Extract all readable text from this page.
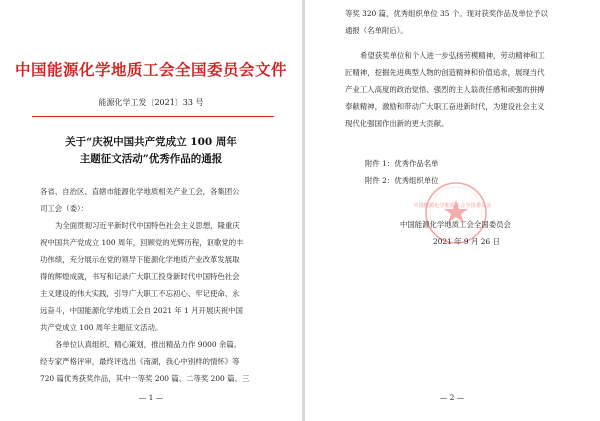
中国能源化学地质工会全国委员会文件
能源化学工发〔2021〕33 号
关于“庆祝中国共产党成立 100 周年
主题征文活动”优秀作品的通报
各省、自治区、直辖市能源化学地质相关产业工会，各集团公
司工会（委）：
为全面贯彻习近平新时代中国特色社会主义思想，隆重庆
祝中国共产党成立 100 周年，回顾党的光辉历程，讴歌党的丰
功伟绩，充分展示在党的领导下能源化学地质产业改革发展取
得的辉煌成就，书写和记录广大职工投身新时代中国特色社会
主义建设的伟大实践，引导广大职工不忘初心、牢记使命、永
远奋斗，中国能源化学地质工会自 2021 年 1 月开展庆祝中国
共产党成立 100 周年主题征文活动。
各单位认真组织、精心策划，推出精品力作 9000 余篇。
经专家严格评审，最终评选出《南湖，我心中别样的情怀》等
720 篇优秀获奖作品，其中一等奖 200 篇、二等奖 200 篇、三
— 1 —
等奖 320 篇，优秀组织单位 35 个。现对获奖作品及单位予以
通报（名单附后）。
希望获奖单位和个人进一步弘扬劳模精神，劳动精神和工
匠精神，挖掘先进典型人物的创造精神和价值追求，展现当代
产业工人高度的政治觉悟、强烈的主人翁责任感和顽强的拼搏
奉献精神，激励和带动广大职工奋进新时代，为建设社会主义
现代化强国作出新的更大贡献。
附件 1：优秀作品名单
附件 2：优秀组织单位
中国能源化学地质工会全国委员会
中国能源化学地质工会全国委员会
2021 年 9 月 26 日
— 2 —
